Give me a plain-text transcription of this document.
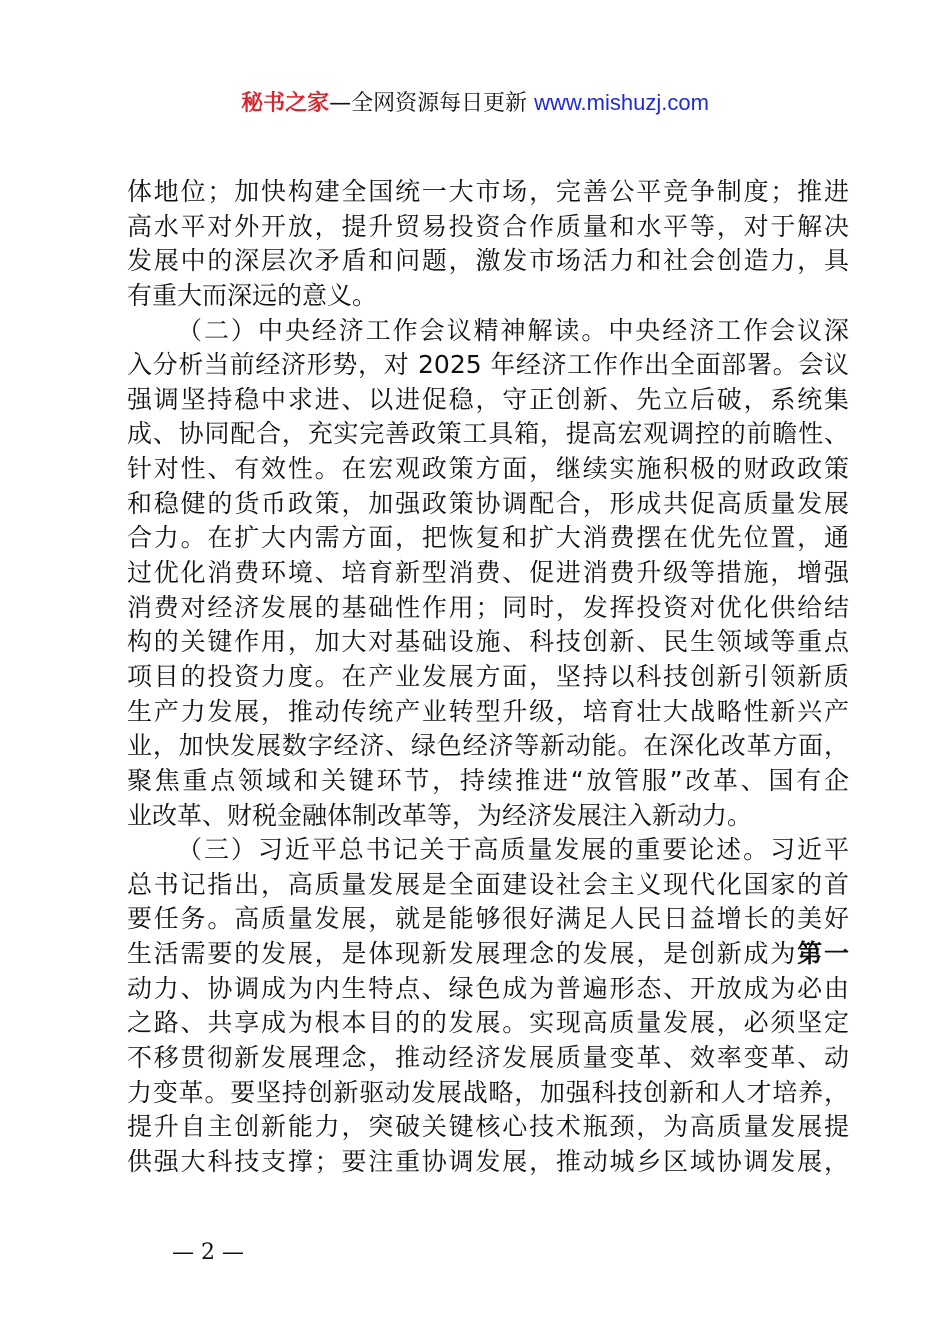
秘书之家—全网资源每日更新 www.mishuzj.com
体地位；加快构建全国统一大市场，完善公平竞争制度；推进
高水平对外开放，提升贸易投资合作质量和水平等，对于解决
发展中的深层次矛盾和问题，激发市场活力和社会创造力，具
有重大而深远的意义。
（二）中央经济工作会议精神解读。中央经济工作会议深
入分析当前经济形势，对 2025 年经济工作作出全面部署。会议
强调坚持稳中求进、以进促稳，守正创新、先立后破，系统集
成、协同配合，充实完善政策工具箱，提高宏观调控的前瞻性、
针对性、有效性。在宏观政策方面，继续实施积极的财政政策
和稳健的货币政策，加强政策协调配合，形成共促高质量发展
合力。在扩大内需方面，把恢复和扩大消费摆在优先位置，通
过优化消费环境、培育新型消费、促进消费升级等措施，增强
消费对经济发展的基础性作用；同时，发挥投资对优化供给结
构的关键作用，加大对基础设施、科技创新、民生领域等重点
项目的投资力度。在产业发展方面，坚持以科技创新引领新质
生产力发展，推动传统产业转型升级，培育壮大战略性新兴产
业，加快发展数字经济、绿色经济等新动能。在深化改革方面，
聚焦重点领域和关键环节，持续推进“放管服”改革、国有企
业改革、财税金融体制改革等，为经济发展注入新动力。
（三）习近平总书记关于高质量发展的重要论述。习近平
总书记指出，高质量发展是全面建设社会主义现代化国家的首
要任务。高质量发展，就是能够很好满足人民日益增长的美好
生活需要的发展，是体现新发展理念的发展，是创新成为第一
动力、协调成为内生特点、绿色成为普遍形态、开放成为必由
之路、共享成为根本目的的发展。实现高质量发展，必须坚定
不移贯彻新发展理念，推动经济发展质量变革、效率变革、动
力变革。要坚持创新驱动发展战略，加强科技创新和人才培养，
提升自主创新能力，突破关键核心技术瓶颈，为高质量发展提
供强大科技支撑；要注重协调发展，推动城乡区域协调发展，
— 2 —
